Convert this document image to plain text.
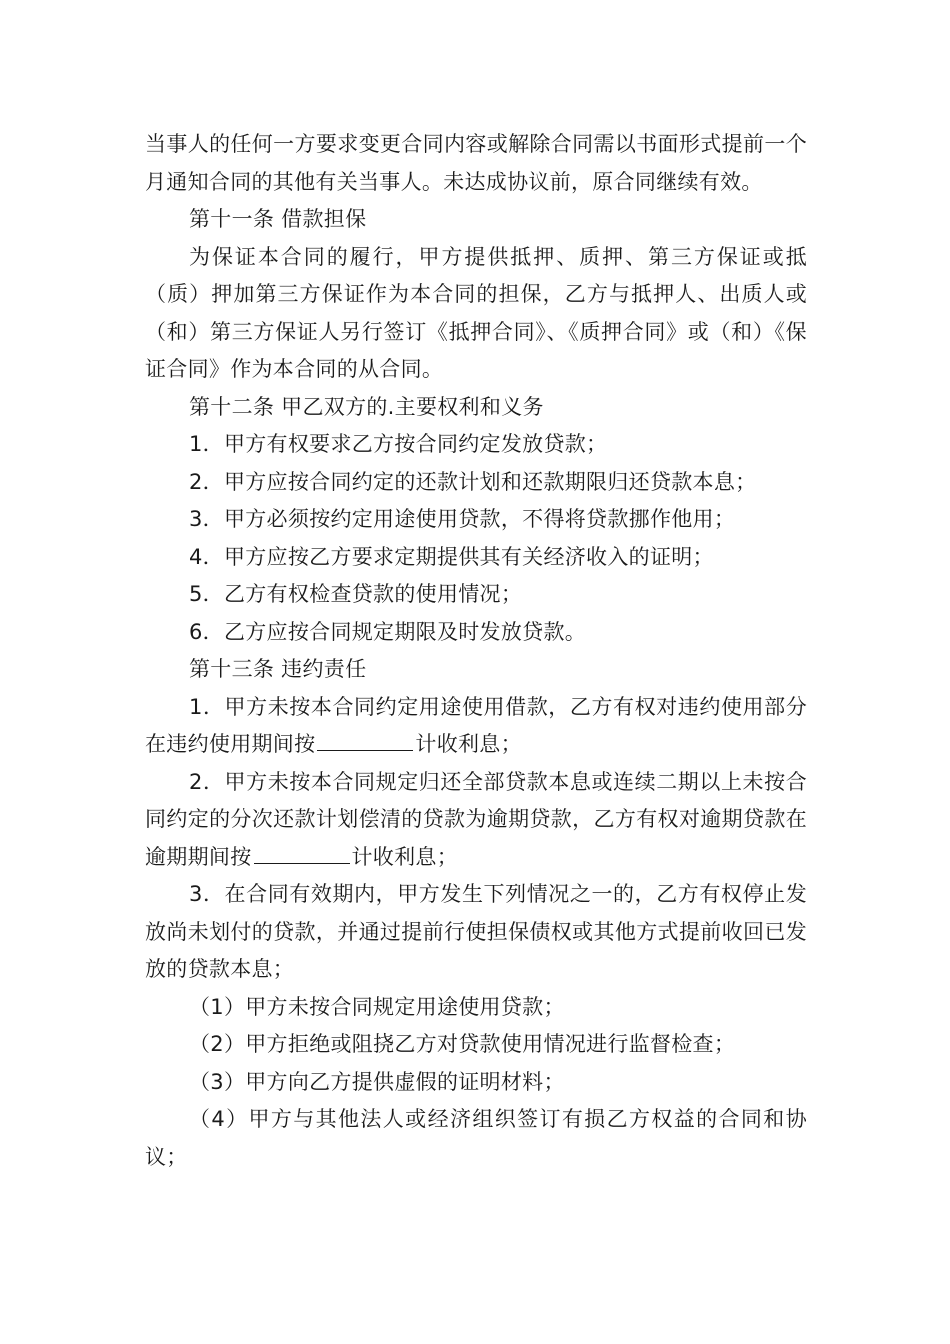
当事人的任何一方要求变更合同内容或解除合同需以书面形式提前一个月通知合同的其他有关当事人。未达成协议前，原合同继续有效。

第十一条 借款担保

为保证本合同的履行，甲方提供抵押、质押、第三方保证或抵（质）押加第三方保证作为本合同的担保，乙方与抵押人、出质人或（和）第三方保证人另行签订《抵押合同》、《质押合同》或（和）《保证合同》作为本合同的从合同。

第十二条 甲乙双方的.主要权利和义务

1．甲方有权要求乙方按合同约定发放贷款；

2．甲方应按合同约定的还款计划和还款期限归还贷款本息；

3．甲方必须按约定用途使用贷款，不得将贷款挪作他用；

4．甲方应按乙方要求定期提供其有关经济收入的证明；

5．乙方有权检查贷款的使用情况；

6．乙方应按合同规定期限及时发放贷款。

第十三条 违约责任

1．甲方未按本合同约定用途使用借款，乙方有权对违约使用部分在违约使用期间按	计收利息；

2．甲方未按本合同规定归还全部贷款本息或连续二期以上未按合同约定的分次还款计划偿清的贷款为逾期贷款，乙方有权对逾期贷款在逾期期间按	计收利息；

3．在合同有效期内，甲方发生下列情况之一的，乙方有权停止发放尚未划付的贷款，并通过提前行使担保债权或其他方式提前收回已发放的贷款本息；

（1）甲方未按合同规定用途使用贷款；

（2）甲方拒绝或阻挠乙方对贷款使用情况进行监督检查；

（3）甲方向乙方提供虚假的证明材料；

（4）甲方与其他法人或经济组织签订有损乙方权益的合同和协议；
